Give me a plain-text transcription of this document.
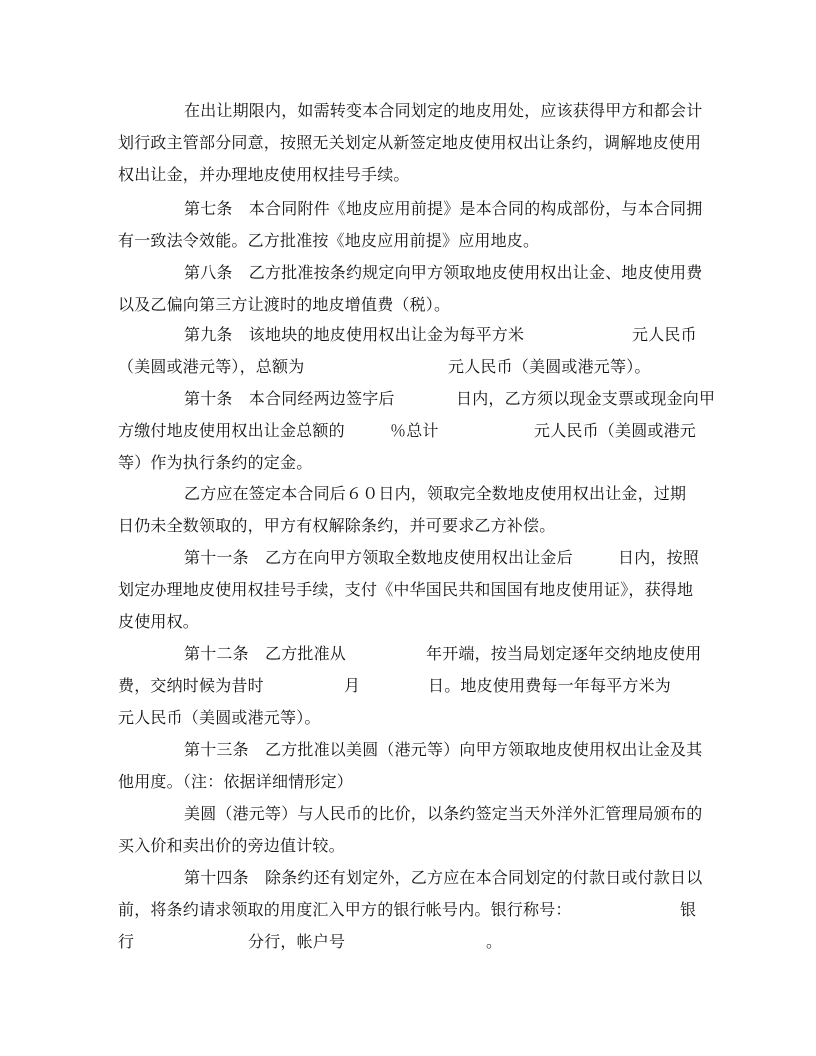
在出让期限内，如需转变本合同划定的地皮用处，应该获得甲方和都会计
划行政主管部分同意，按照无关划定从新签定地皮使用权出让条约，调解地皮使用
权出让金，并办理地皮使用权挂号手续。
第七条　本合同附件《地皮应用前提》是本合同的构成部份，与本合同拥
有一致法令效能。乙方批准按《地皮应用前提》应用地皮。
第八条　乙方批准按条约规定向甲方领取地皮使用权出让金、地皮使用费
以及乙偏向第三方让渡时的地皮增值费（税）。

第九条　该地块的地皮使用权出让金为每平方米

	元人民币

（美圆或港元等），总额为

	元人民币（美圆或港元等）。

第十条　本合同经两边签字后

	日内，乙方须以现金支票或现金向甲

方缴付地皮使用权出让金总额的

	％总计

	元人民币（美圆或港元

等）作为执行条约的定金。
乙方应在签定本合同后６０日内，领取完全数地皮使用权出让金，过期
日仍未全数领取的，甲方有权解除条约，并可要求乙方补偿。

第十一条　乙方在向甲方领取全数地皮使用权出让金后

	日内，按照

划定办理地皮使用权挂号手续，支付《中华国民共和国国有地皮使用证》，获得地
皮使用权。

第十二条　乙方批准从

	年开端，按当局划定逐年交纳地皮使用

费，交纳时候为昔时

	月

	日。地皮使用费每一年每平方米为

元人民币（美圆或港元等）。
第十三条　乙方批准以美圆（港元等）向甲方领取地皮使用权出让金及其
他用度。（注：依据详细情形定）
美圆（港元等）与人民币的比价，以条约签定当天外洋外汇管理局颁布的
买入价和卖出价的旁边值计较。
第十四条　除条约还有划定外，乙方应在本合同划定的付款日或付款日以

前，将条约请求领取的用度汇入甲方的银行帐号内。银行称号：

	银

行

	分行，帐户号

	。
